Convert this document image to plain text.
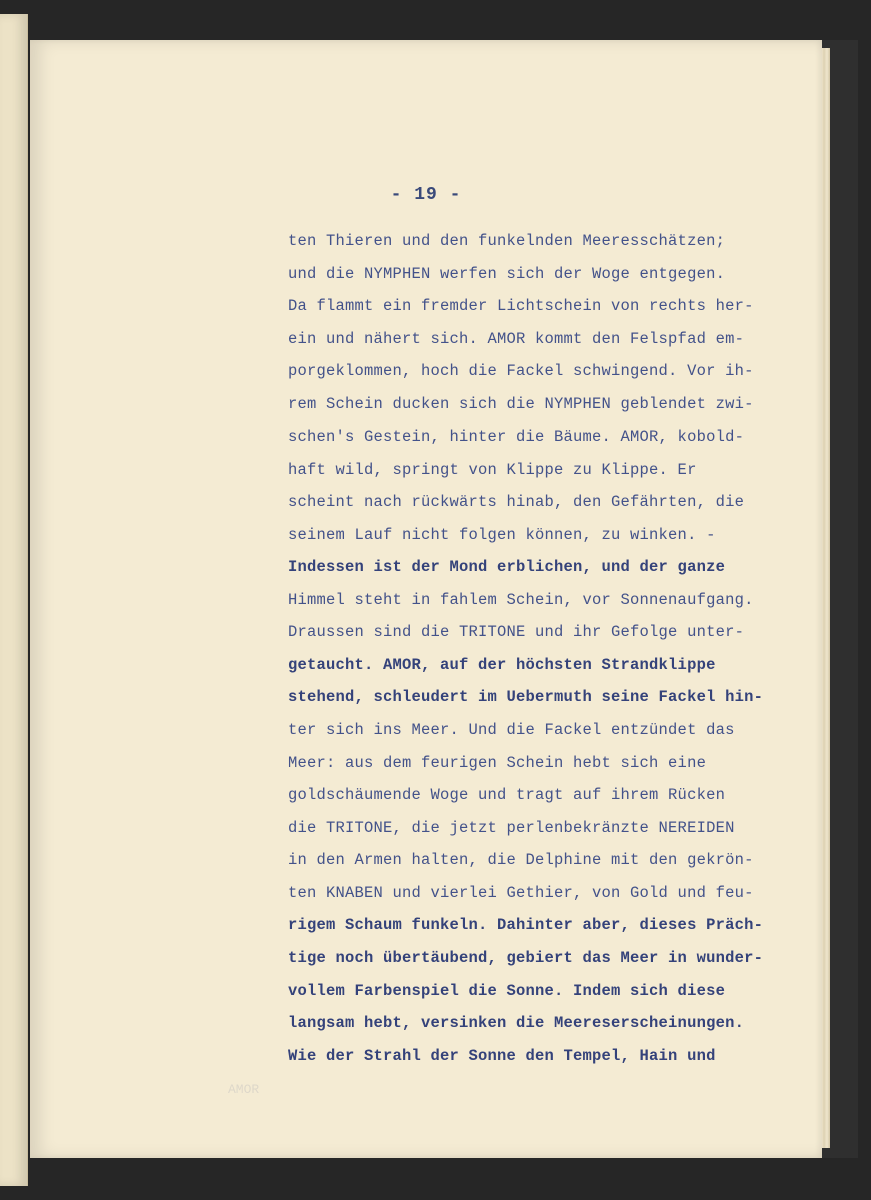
- 19 -

ten Thieren und den funkelnden Meeresschätzen;

und die NYMPHEN werfen sich der Woge entgegen.

Da flammt ein fremder Lichtschein von rechts her-

ein und nähert sich. AMOR kommt den Felspfad em-

porgeklommen, hoch die Fackel schwingend. Vor ih-

rem Schein ducken sich die NYMPHEN geblendet zwi-

schen's Gestein, hinter die Bäume. AMOR, kobold-

haft wild, springt von Klippe zu Klippe. Er

scheint nach rückwärts hinab, den Gefährten, die

seinem Lauf nicht folgen können, zu winken. -

Indessen ist der Mond erblichen, und der ganze

Himmel steht in fahlem Schein, vor Sonnenaufgang.

Draussen sind die TRITONE und ihr Gefolge unter-

getaucht. AMOR, auf der höchsten Strandklippe

stehend, schleudert im Uebermuth seine Fackel hin-

ter sich ins Meer. Und die Fackel entzündet das

Meer: aus dem feurigen Schein hebt sich eine

goldschäumende Woge und tragt auf ihrem Rücken

die TRITONE, die jetzt perlenbekränzte NEREIDEN

in den Armen halten, die Delphine mit den gekrön-

ten KNABEN und vierlei Gethier, von Gold und feu-

rigem Schaum funkeln. Dahinter aber, dieses Präch-

tige noch übertäubend, gebiert das Meer in wunder-

vollem Farbenspiel die Sonne. Indem sich diese

langsam hebt, versinken die Meereserscheinungen.

Wie der Strahl der Sonne den Tempel, Hain und

AMOR
